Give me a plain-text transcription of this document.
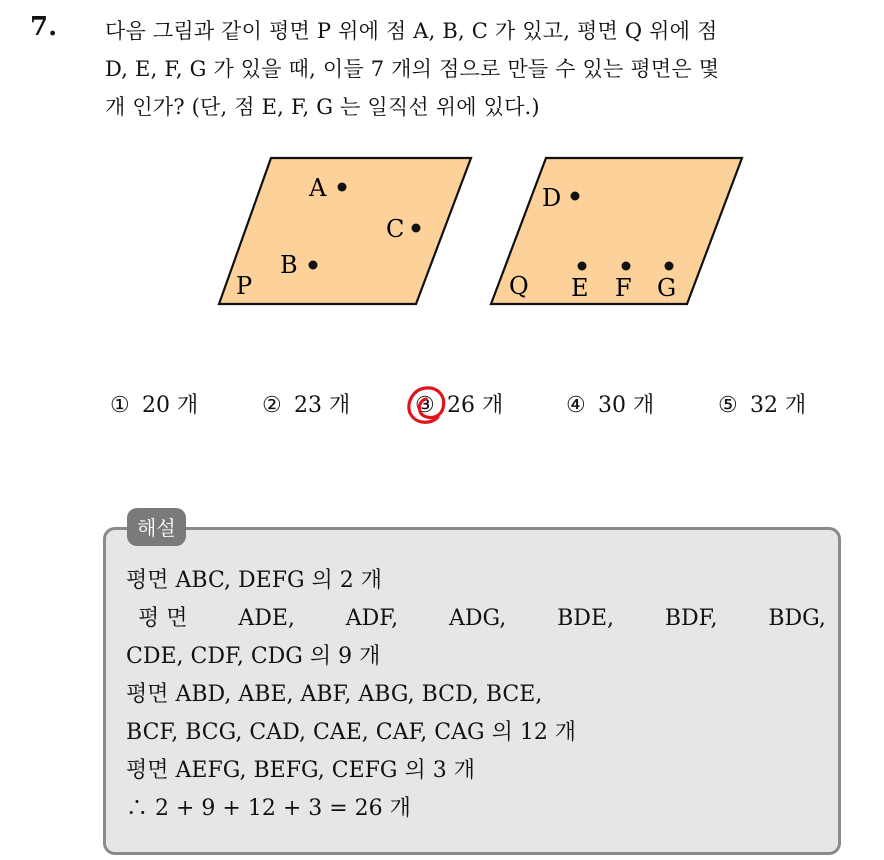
7. 다음 그림과 같이 평면 P 위에 점 A, B, C 가 있고, 평면 Q 위에 점
D, E, F, G 가 있을 때, 이들 7 개의 점으로 만들 수 있는 평면은 몇
개 인가? (단, 점 E, F, G 는 일직선 위에 있다.)
P
A
C
B
Q
D
E F G
① 20 개	② 23 개	③ 26 개	④ 30 개	⑤ 32 개
해설
평면 ABC, DEFG 의 2 개
평 면 ADE, ADF, ADG, BDE, BDF, BDG,
CDE, CDF, CDG 의 9 개
평면 ABD, ABE, ABF, ABG, BCD, BCE,
BCF, BCG, CAD, CAE, CAF, CAG 의 12 개
평면 AEFG, BEFG, CEFG 의 3 개
∴ 2 + 9 + 12 + 3 = 26 개
